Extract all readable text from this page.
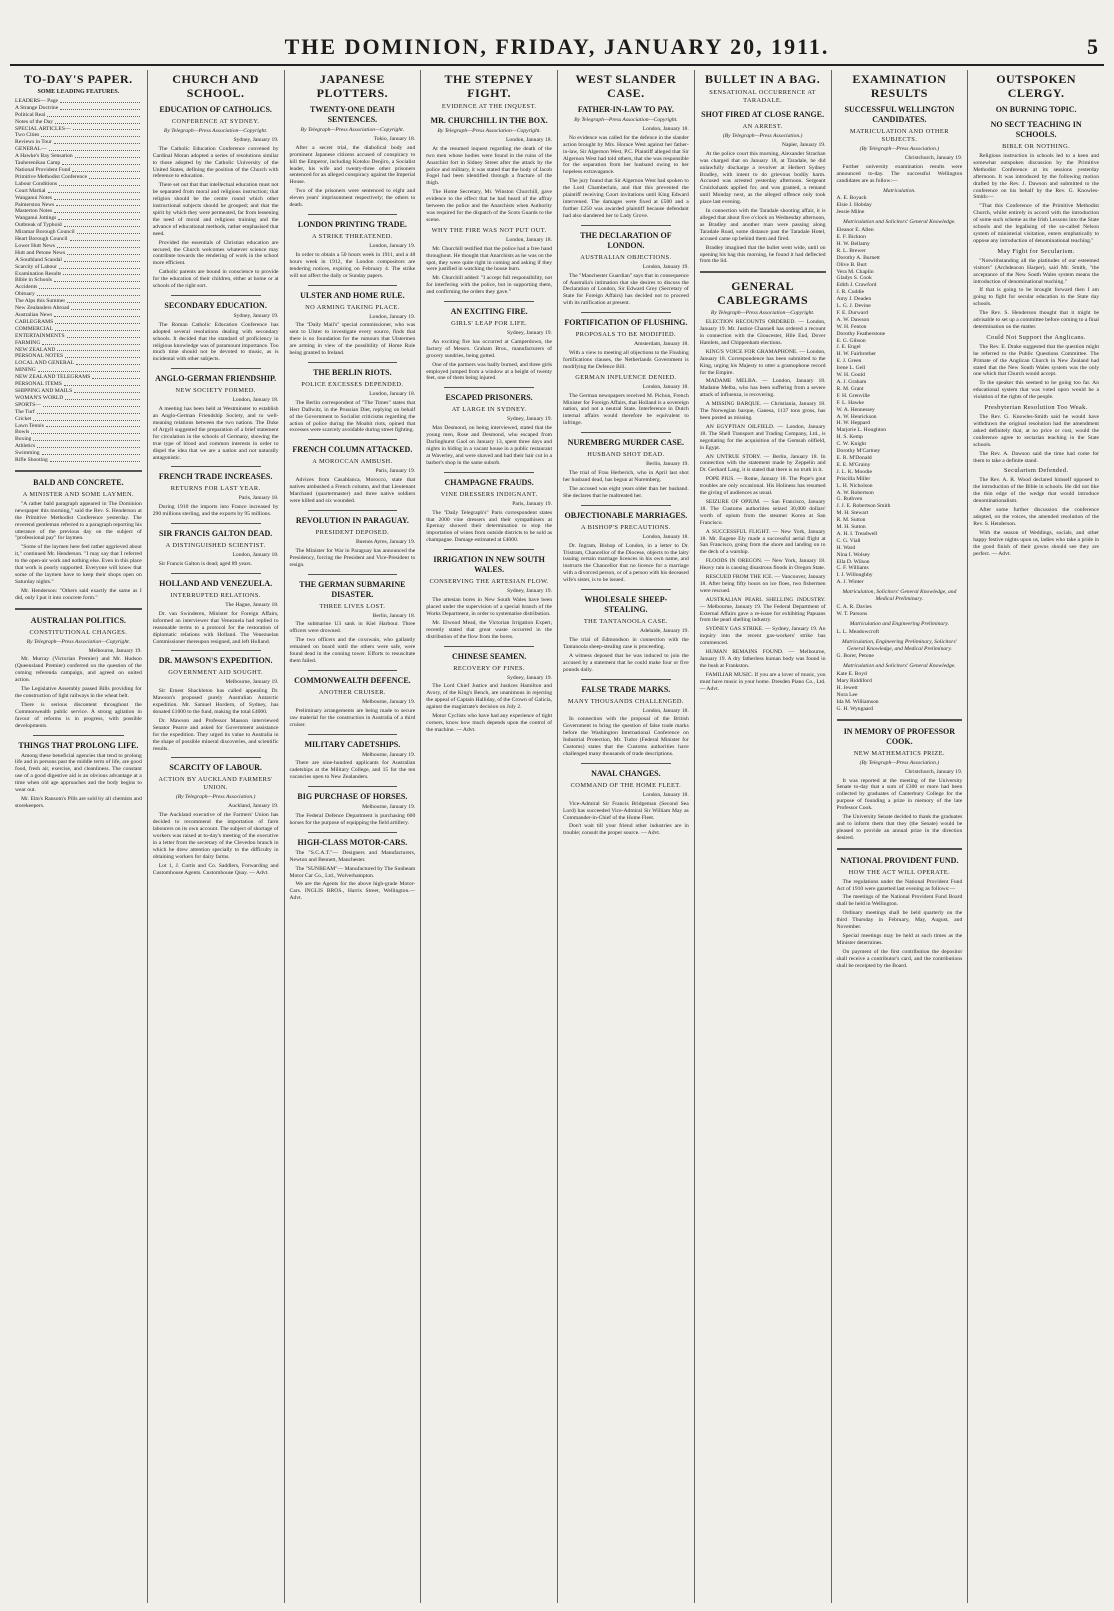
THE DOMINION, FRIDAY, JANUARY 20, 1911.	5
TO-DAY'S PAPER.
SOME LEADING FEATURES.
LEADERS— Page
A Strange Doctrine
Political Real
Notes of the Day
SPECIAL ARTICLES—
Two Cities
Reviews in Tour
GENERAL—
A Hawke's Bay Sensation
Tauherenikau Camp
National Provident Fund
Primitive Methodist Conference
Labour Conditions
Court Martial
Wanganui Notes
Palmerston News
Masterton Notes
Wanganui Jottings
Outbreak of Typhoid
Miramar Borough Council
Heart Borough Council
Lower Hutt News
Hutt and Petone News
A Southland Scandal
Scarcity of Labour
Examination Results
Bible in Schools
Accidents
Obituary
The Alps this Summer
New Zealanders Abroad
Australian News
CABLEGRAMS
COMMERCIAL
ENTERTAINMENTS
FARMING
NEW ZEALAND
PERSONAL NOTES
LOCAL AND GENERAL
MINING
NEW ZEALAND TELEGRAMS
PERSONAL ITEMS
SHIPPING AND MAILS
WOMAN'S WORLD
SPORTS—
The Turf
Cricket
Lawn Tennis
Bowls
Boxing
Athletics
Swimming
Rifle Shooting
BALD AND CONCRETE.
A MINISTER AND SOME LAYMEN.

"A rather bald paragraph appeared in The Dominion newspaper this morning," said the Rev. S. Henderson at the Primitive Methodist Conference yesterday. The reverend gentleman referred to a paragraph reporting his utterance of the previous day on the subject of "professional pay" for laymen.

"Some of the laymen here feel rather aggrieved about it," continued Mr. Henderson. "I may say that I referred to the open-air work and nothing else. Even in this place that work is poorly supported. Everyone will know that some of the laymen have to keep their shops open on Saturday nights."

Mr. Henderson: "Others said exactly the same as I did, only I put it into concrete form."

AUSTRALIAN POLITICS.
CONSTITUTIONAL CHANGES.
By Telegraph—Press Association—Copyright.
Melbourne, January 19.

Mr. Murray (Victorian Premier) and Mr. Hudson (Queensland Premier) conferred on the question of the coming referenda campaign, and agreed on united action.

The Legislative Assembly passed Bills providing for the construction of light railways in the wheat belt.

There is serious discontent throughout the Commonwealth public service. A strong agitation in favour of reforms is in progress, with possible developments.

THINGS THAT PROLONG LIFE.

Among these beneficial agencies that tend to prolong life and in persons past the middle term of life, are good food, fresh air, exercise, and cleanliness. The constant use of a good digestive aid is an obvious advantage at a time when old age approaches and the body begins to wear out.

Mr. Elm's Ransom's Pills are sold by all chemists and storekeepers.

CHURCH AND SCHOOL.
EDUCATION OF CATHOLICS.
CONFERENCE AT SYDNEY.
By Telegraph—Press Association—Copyright.
Sydney, January 19.

The Catholic Education Conference convened by Cardinal Moran adopted a series of resolutions similar to those adopted by the Catholic University of the United States, defining the position of the Church with reference to education.

There set out that that intellectual education must not be separated from moral and religious instruction; that religion should be the centre round which other instructional subjects should be grouped; and that the spirit by which they were permeated, far from lessening the need of moral and religious training and the advance of educational methods, rather emphasised that need.

Provided the essentials of Christian education are secured, the Church welcomes whatever science may contribute towards the rendering of work in the school more efficient.

Catholic parents are bound in conscience to provide for the education of their children, either at home or at schools of the right sort.

SECONDARY EDUCATION.
Sydney, January 19.

The Roman Catholic Education Conference has adopted several resolutions dealing with secondary schools. It decided that the standard of proficiency in religious knowledge was of paramount importance. Too much time should not be devoted to music, as is incidental with other subjects.

ANGLO-GERMAN FRIENDSHIP.
NEW SOCIETY FORMED.
London, January 18.

A meeting has been held at Westminster to establish an Anglo-German Friendship Society, and to well-meaning relations between the two nations. The Duke of Argyll suggested the preparation of a brief statement for circulation in the schools of Germany, showing the true type of blood and common interests in order to dispel the idea that we are a nation and not naturally antagonistic.

FRENCH TRADE INCREASES.
RETURNS FOR LAST YEAR.
Paris, January 18.

During 1910 the imports into France increased by 290 millions sterling, and the exports by 95 millions.

SIR FRANCIS GALTON DEAD.
A DISTINGUISHED SCIENTIST.
London, January 18.

Sir Francis Galton is dead; aged 89 years.

HOLLAND AND VENEZUELA.
INTERRUPTED RELATIONS.
The Hague, January 18.

Dr. van Swinderen, Minister for Foreign Affairs, informed an interviewer that Venezuela had replied to reasonable terms to a protocol for the restoration of diplomatic relations with Holland. The Venezuelan Commissioner thereupon resigned, and left Holland.

DR. MAWSON'S EXPEDITION.
GOVERNMENT AID SOUGHT.
Melbourne, January 19.

Sir Ernest Shackleton has called appealing Dr. Mawson's proposed purely Australian Antarctic expedition. Mr. Samuel Hordern, of Sydney, has donated £1000 to the fund, making the total £4000.

Dr. Mawson and Professor Masson interviewed Senator Pearce and asked for Government assistance for the expedition. They urged its value to Australia in the shape of possible mineral discoveries, and scientific results.

SCARCITY OF LABOUR.
ACTION BY AUCKLAND FARMERS' UNION.
(By Telegraph—Press Association.)
Auckland, January 19.

The Auckland executive of the Farmers' Union has decided to recommend the importation of farm labourers on its own account. The subject of shortage of workers was raised at to-day's meeting of the executive in a letter from the secretary of the Clevedon branch in which he drew attention specially to the difficulty in obtaining workers for dairy farms.

Lot 1, J. Curtis and Co. Saddlers, Forwarding and Customhouse Agents. Customhouse Quay. — Advt.

JAPANESE PLOTTERS.
TWENTY-ONE DEATH SENTENCES.
By Telegraph—Press Association—Copyright.
Tokio, January 18.

After a secret trial, the diabolical body and prominent Japanese citizens accused of conspiracy to kill the Emperor, including Kotoku Denjiro, a Socialist leader, his wife and twenty-three other prisoners sentenced for an alleged conspiracy against the Imperial House.

Two of the prisoners were sentenced to eight and eleven years' imprisonment respectively; the others to death.

LONDON PRINTING TRADE.
A STRIKE THREATENED.
London, January 19.

In order to obtain a 50 hours week in 1911, and a 48 hours week in 1912, the London compositors are tendering notices, expiring on February 4. The strike will not affect the daily or Sunday papers.

ULSTER AND HOME RULE.
NO ARMING TAKING PLACE.
London, January 19.

The "Daily Mail's" special commissioner, who was sent to Ulster to investigate every source, finds that there is no foundation for the rumours that Ulstermen are arming in view of the possibility of Home Rule being granted to Ireland.

THE BERLIN RIOTS.
POLICE EXCESSES DEPENDED.
London, January 18.

The Berlin correspondent of "The Times" states that Herr Dallwitz, in the Prussian Diet, replying on behalf of the Government to Socialist criticisms regarding the action of police during the Moabit riots, opined that excesses were scarcely avoidable during street fighting.

FRENCH COLUMN ATTACKED.
A MOROCCAN AMBUSH.
Paris, January 19.

Advices from Casablanca, Morocco, state that natives ambushed a French column, and that Lieutenant Marchand (quartermaster) and three native soldiers were killed and six wounded.

REVOLUTION IN PARAGUAY.
PRESIDENT DEPOSED.
Buenos Ayres, January 19.

The Minister for War in Paraguay has announced the Presidency, forcing the President and Vice-President to resign.

THE GERMAN SUBMARINE DISASTER.
THREE LIVES LOST.
Berlin, January 18.

The submarine U3 sank in Kiel Harbour. Three officers were drowned.

The two officers and the coxswain, who gallantly remained on board until the others were safe, were found dead in the conning tower. Efforts to resuscitate them failed.

COMMONWEALTH DEFENCE.
ANOTHER CRUISER.
Melbourne, January 19.

Preliminary arrangements are being made to secure raw material for the construction in Australia of a third cruiser.

MILITARY CADETSHIPS.
Melbourne, January 19.

There are nine-hundred applicants for Australian cadetships at the Military College, and 15 for the ten vacancies open to New Zealanders.

BIG PURCHASE OF HORSES.
Melbourne, January 19.

The Federal Defence Department is purchasing 600 horses for the purpose of equipping the field artillery.

HIGH-CLASS MOTOR-CARS.

The "S.C.A.T."— Designers and Manufacturers, Newton and Bennett, Manchester.

The "SUNBEAM"— Manufactured by The Sunbeam Motor Car Co., Ltd., Wolverhampton.

We are the Agents for the above high-grade Motor-Cars. INGLIS BROS., Harris Street, Wellington.—Advt.

THE STEPNEY FIGHT.
EVIDENCE AT THE INQUEST.
MR. CHURCHILL IN THE BOX.
By Telegraph—Press Association—Copyright.
London, January 18.

At the resumed inquest regarding the death of the two men whose bodies were found in the ruins of the Anarchist fort in Sidney Street after the attack by the police and military, it was stated that the body of Jacob Fogel had been identified through a fracture of the thigh.

The Home Secretary, Mr. Winston Churchill, gave evidence to the effect that he had heard of the affray between the police and the Anarchists when Authority was required for the dispatch of the Scots Guards to the scene.

WHY THE FIRE WAS NOT PUT OUT.
London, January 18.

Mr. Churchill testified that the police had a free hand throughout. He thought that Anarchists as he was on the spot, they were quite right in coming and asking if they were justified in watching the house burn.

Mr. Churchill added: "I accept full responsibility, not for interfering with the police, but in supporting them, and confirming the orders they gave."

AN EXCITING FIRE.
GIRLS' LEAP FOR LIFE.
Sydney, January 19.

An exciting fire has occurred at Camperdown, the factory of Messrs. Graham Bros., manufacturers of grocery sundries, being gutted.

One of the partners was badly burned, and three girls employed jumped from a window at a height of twenty feet, one of them being injured.

ESCAPED PRISONERS.
AT LARGE IN SYDNEY.
Sydney, January 19.

Max Desmond, on being interviewed, stated that the young men, Rose and Desmond, who escaped from Darlinghurst Gaol on January 13, spent three days and nights in hiding in a vacant house in a public restaurant at Waverley, and were shaved and had their hair cut in a barber's shop in the same suburb.

CHAMPAGNE FRAUDS.
VINE DRESSERS INDIGNANT.
Paris, January 19.

The "Daily Telegraph's" Paris correspondent states that 2000 vine dressers and their sympathisers at Epernay showed their determination to stop the importation of wines from outside districts to be sold as champagne. Damage estimated at £4000.

IRRIGATION IN NEW SOUTH WALES.
CONSERVING THE ARTESIAN FLOW.
Sydney, January 19.

The artesian bores in New South Wales have been placed under the supervision of a special branch of the Works Department, in order to systematise distribution.

Mr. Elwood Mead, the Victorian Irrigation Expert, recently stated that great waste occurred in the distribution of the flow from the bores.

CHINESE SEAMEN.
RECOVERY OF FINES.
Sydney, January 19.

The Lord Chief Justice and Justices Hamilton and Avory, of the King's Bench, are unanimous in rejecting the appeal of Captain Halliday, of the Crown of Galicia, against the magistrate's decision on July 2.

Motor Cyclists who have had any experience of tight corners, know how much depends upon the control of the machine. — Advt.

WEST SLANDER CASE.
FATHER-IN-LAW TO PAY.
By Telegraph—Press Association—Copyright.
London, January 18.

No evidence was called for the defence in the slander action brought by Mrs. Horace West against her father-in-law, Sir Algernon West, P.C. Plaintiff alleged that Sir Algernon West had told others, that she was responsible for the separation from her husband owing to her hopeless extravagance.

The jury found that Sir Algernon West had spoken to the Lord Chamberlain, and that this prevented the plaintiff receiving Court invitations until King Edward intervened. The damages were fixed at £500 and a further £250 was awarded plaintiff because defendant had also slandered her to Lady Grove.

THE DECLARATION OF LONDON.
AUSTRALIAN OBJECTIONS.
London, January 19.

The "Manchester Guardian" says that in consequence of Australia's intimation that she desires to discuss the Declaration of London, Sir Edward Grey (Secretary of State for Foreign Affairs) has decided not to proceed with its ratification at present.

FORTIFICATION OF FLUSHING.
PROPOSALS TO BE MODIFIED.
Amsterdam, January 18.

With a view to meeting all objections to the Flushing fortifications clauses, the Netherlands Government is modifying the Defence Bill.

GERMAN INFLUENCE DENIED.
London, January 18.

The German newspapers received M. Pichon, French Minister for Foreign Affairs, that Holland is a sovereign nation, and not a neutral State. Interference in Dutch internal affairs would therefore be equivalent to infringe.

NUREMBERG MURDER CASE.
HUSBAND SHOT DEAD.
Berlin, January 19.

The trial of Frau Herberich, who in April last shot her husband dead, has begun at Nuremberg.

The accused was eight years older than her husband. She declares that he maltreated her.

OBJECTIONABLE MARRIAGES.
A BISHOP'S PRECAUTIONS.
London, January 18.

Dr. Ingram, Bishop of London, in a letter to Dr. Tristram, Chancellor of the Diocese, objects to the laity issuing certain marriage licences in his own name, and instructs the Chancellor that no licence for a marriage with a divorced person, or of a person with his deceased wife's sister, is to be issued.

WHOLESALE SHEEP-STEALING.
THE TANTANOOLA CASE.
Adelaide, January 19.

The trial of Edmondson in connection with the Tantanoola sheep-stealing case is proceeding.

A witness deposed that he was induced to join the accused by a statement that he could make four or five pounds daily.

FALSE TRADE MARKS.
MANY THOUSANDS CHALLENGED.
London, January 18.

In connection with the proposal of the British Government to bring the question of false trade marks before the Washington International Conference on Industrial Protection, Mr. Tudor (Federal Minister for Customs) states that the Customs authorities have challenged many thousands of trade descriptions.

NAVAL CHANGES.
COMMAND OF THE HOME FLEET.
London, January 18.

Vice-Admiral Sir Francis Bridgeman (Second Sea Lord) has succeeded Vice-Admiral Sir William May as Commander-in-Chief of the Home Fleet.

Don't wait till your friend other industries are in trouble; consult the proper source. — Advt.

BULLET IN A BAG.
SENSATIONAL OCCURRENCE AT TARADALE.
SHOT FIRED AT CLOSE RANGE.
AN ARREST.
(By Telegraph—Press Association.)
Napier, January 19.

At the police court this morning, Alexander Strachan was charged that on January 18, at Taradale, he did unlawfully discharge a revolver at Herbert Sydney Bradley, with intent to do grievous bodily harm. Accused was arrested yesterday afternoon. Sergeant Cruickshank applied for, and was granted, a remand until Monday next, as the alleged offence only took place last evening.

In connection with the Taradale shooting affair, it is alleged that about five o'clock on Wednesday afternoon, as Bradley and another man were passing along Taradale Road, some distance past the Taradale Hotel, accused came up behind them and fired.

Bradley imagined that the bullet went wide, until on opening his bag this morning, he found it had deflected from the lid.

GENERAL CABLEGRAMS
By Telegraph—Press Association—Copyright.

ELECTION RECOUNTS ORDERED. — London, January 19. Mr. Justice Channell has ordered a recount in connection with the Gloucester, Hile End, Dover Hamlets, and Chippenham elections.

KING'S VOICE FOR GRAMAPHONE. — London, January 18. Correspondence has been submitted to the King, urging his Majesty to utter a gramophone record for the Empire.

MADAME MELBA. — London, January 18. Madame Melba, who has been suffering from a severe attack of influenza, is recovering.

A MISSING BARQUE. — Christiania, January 18. The Norwegian barque, Ganesa, 1137 tons gross, has been posted as missing.

AN EGYPTIAN OILFIELD. — London, January 18. The Shell Transport and Trading Company, Ltd., is negotiating for the acquisition of the Gemsah oilfield, in Egypt.

AN UNTRUE STORY. — Berlin, January 18. In connection with the statement made by Zeppelin and Dr. Gerhard Lang, it is stated that there is no truth in it.

POPE PIUS. — Rome, January 18. The Pope's gout troubles are only occasional. His Holiness has resumed the giving of audiences as usual.

SEIZURE OF OPIUM. — San Francisco, January 18. The Customs authorities seized 30,000 dollars' worth of opium from the steamer Korea at San Francisco.

A SUCCESSFUL FLIGHT. — New York, January 18. Mr. Eugene Ely made a successful aerial flight at San Francisco, going from the shore and landing on to the deck of a warship.

FLOODS IN OREGON. — New York, January 18. Heavy rain is causing disastrous floods in Oregon State.

RESCUED FROM THE ICE. — Vancouver, January 18. After being fifty hours on ice floes, two fishermen were rescued.

AUSTRALIAN PEARL SHELLING INDUSTRY. — Melbourne, January 19. The Federal Department of External Affairs gave a re-issue for exhibiting Papuans from the pearl shelling industry.

SYDNEY GAS STRIKE. — Sydney, January 19. An inquiry into the recent gas-workers' strike has commenced.

HUMAN REMAINS FOUND. — Melbourne, January 19. A dry fatherless human body was found in the bush at Frankston.

FAMILIAR MUSIC. If you are a lover of music, you must have music in your home. Dresden Piano Co., Ltd. — Advt.

EXAMINATION RESULTS
SUCCESSFUL WELLINGTON CANDIDATES.
MATRICULATION AND OTHER SUBJECTS.
(By Telegraph—Press Association.)
Christchurch, January 19.

Further university examination results were announced to-day. The successful Wellington candidates are as follow:—

Matriculation.
A. E. Boyack
Elsie J. Hobday
Jessie Milne
Matriculation and Solicitors' General Knowledge.
Eleanor E. Allen
E. F. Bickton
H. W. Bellamy
R. L. Brewer
Dorothy A. Burnett
Olive B. Burt
Vera M. Chaplin
Gladys S. Cook
Edith J. Crawford
J. R. Cuddie
Amy J. Deaden
L. G. J. Devine
F. E. Durward
A. W. Dawson
W. H. Fenton
Dorothy Featherstone
E. G. Gibson
J. E. Engel
H. W. Fairbrother
E. J. Green
Irene L. Gell
W. H. Gould
A. J. Graham
R. M. Grant
F. H. Grenville
F. L. Hawke
W. A. Hennessey
A. W. Henrickson
H. W. Heppard
Marjorie L. Houghton
H. S. Kemp
C. W. Knight
Dorothy M'Cartney
E. R. M'Donald
E. E. M'Grainy
J. L. K. Moodie
Priscilla Miller
L. H. Nicholson
A. W. Robertson
G. Ruthven
J. J. E. Robertson Smith
M. H. Stewart
R. M. Sutton
M. H. Sutton
A. H. I. Treadwell
C. G. Viall
H. Ward
Nina I. Wolsey
Ella D. Wilson
C. F. Williams
I. J. Willoughby
A. J. Winter
Matriculation, Solicitors' General Knowledge, and Medical Preliminary.
C. A. R. Davies
W. T. Parsons
Matriculation and Engineering Preliminary.
L. L. Meadowcroft
Matriculation, Engineering Preliminary, Solicitors' General Knowledge, and Medical Preliminary.
G. Borer, Petone
Matriculation and Solicitors' General Knowledge.
Kate E. Boyd
Mary Riddiford
H. Jewett
Nora Lee
Ida M. Williamson
G. H. Wyngaard
IN MEMORY OF PROFESSOR COOK.
NEW MATHEMATICS PRIZE.
(By Telegraph—Press Association.)
Christchurch, January 19.

It was reported at the meeting of the University Senate to-day that a sum of £300 or more had been collected by graduates of Canterbury College for the purpose of founding a prize in memory of the late Professor Cook.

The University Senate decided to thank the graduates and to inform them that they (the Senate) would be pleased to provide an annual prize in the direction desired.

NATIONAL PROVIDENT FUND.
HOW THE ACT WILL OPERATE.

The regulations under the National Provident Fund Act of 1910 were gazetted last evening as follows:—

The meetings of the National Provident Fund Board shall be held in Wellington.

Ordinary meetings shall be held quarterly on the third Thursday in February, May, August, and November.

Special meetings may be held at such times as the Minister determines.

On payment of the first contribution the depositor shall receive a contributor's card, and the contributions shall be receipted by the Board.

OUTSPOKEN CLERGY.
ON BURNING TOPIC.
NO SECT TEACHING IN SCHOOLS.
BIBLE OR NOTHING.

Religious instruction in schools led to a keen and somewhat outspoken discussion by the Primitive Methodist Conference at its sessions yesterday afternoon. It was introduced by the following motion drafted by the Rev. J. Dawson and submitted to the conference on his behalf by the Rev. G. Knowles-Smith:—

"That this Conference of the Primitive Methodist Church, whilst entirely in accord with the introduction of some such scheme as the Irish Lessons into the State schools and the legalising of the so-called Nelson system of ministerial visitation, enters emphatically to oppose any introduction of denominational teaching."

May Fight for Secularism.

"Notwithstanding all the platitudes of our esteemed visitors" (Archdeacon Harper), said Mr. Smith, "the acceptance of the New South Wales system means the introduction of denominational teaching."

If that is going to be brought forward then I am going to fight for secular education in the State day schools.

The Rev. S. Henderson thought that it might be advisable to set up a committee before coming to a final determination on the matter.

Could Not Support the Anglicans.

The Rev. E. Drake suggested that the question might be referred to the Public Questions Committee. The Primate of the Anglican Church in New Zealand had stated that the New South Wales system was the only one which that Church would accept.

To the speaker this seemed to be going too far. An educational system that was voted upon would be a violation of the rights of the people.

Presbyterian Resolution Too Weak.

The Rev. G. Knowles-Smith said he would have withdrawn the original resolution had the amendment asked definitely that, at no price or cost, would the conference agree to sectarian teaching in the State schools.

The Rev. A. Dawson said the time had come for them to take a definite stand.

Secularism Defended.

The Rev. A. R. Wood declared himself opposed to the introduction of the Bible in schools. He did not like the thin edge of the wedge that would introduce denominationalism.

After some further discussion the conference adopted, on the voices, the amended resolution of the Rev. S. Henderson.

With the season of Weddings, socials, and other happy festive nights upon us, ladies who take a pride in the good finish of their gowns should see they are perfect. — Advt.
